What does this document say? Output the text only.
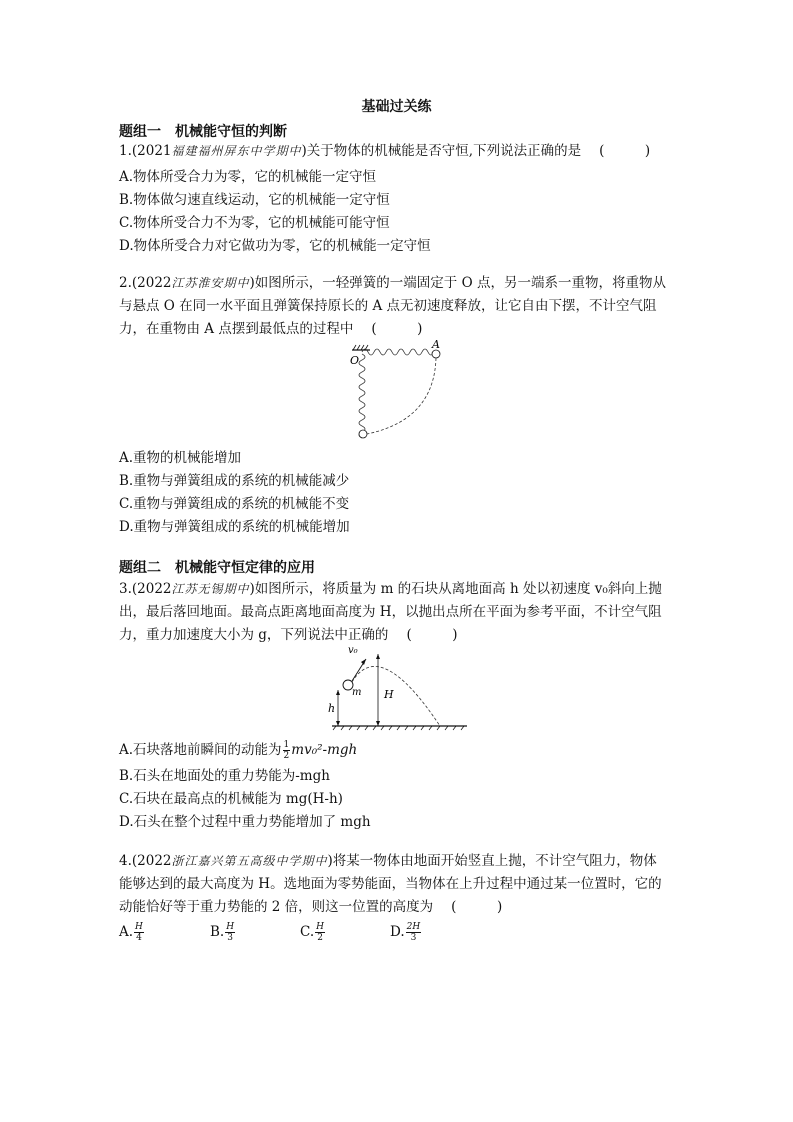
基础过关练
题组一　机械能守恒的判断
1.(2021福建福州屏东中学期中)关于物体的机械能是否守恒,下列说法正确的是 (　　　)
A.物体所受合力为零，它的机械能一定守恒
B.物体做匀速直线运动，它的机械能一定守恒
C.物体所受合力不为零，它的机械能可能守恒
D.物体所受合力对它做功为零，它的机械能一定守恒
2.(2022江苏淮安期中)如图所示，一轻弹簧的一端固定于 O 点，另一端系一重物，将重物从
与悬点 O 在同一水平面且弹簧保持原长的 A 点无初速度释放，让它自由下摆，不计空气阻
力，在重物由 A 点摆到最低点的过程中 (　　　)
O
A
A.重物的机械能增加
B.重物与弹簧组成的系统的机械能减少
C.重物与弹簧组成的系统的机械能不变
D.重物与弹簧组成的系统的机械能增加
题组二　机械能守恒定律的应用
3.(2022江苏无锡期中)如图所示，将质量为 m 的石块从离地面高 h 处以初速度 v₀斜向上抛
出，最后落回地面。最高点距离地面高度为 H，以抛出点所在平面为参考平面，不计空气阻
力，重力加速度大小为 g，下列说法中正确的 (　　　)
v₀
m H
h
A.石块落地前瞬间的动能为 $\frac{1}{2} mv_0^2-mgh$
B.石头在地面处的重力势能为-mgh
C.石块在最高点的机械能为 mg(H-h)
D.石头在整个过程中重力势能增加了 mgh
4.(2022浙江嘉兴第五高级中学期中)将某一物体由地面开始竖直上抛，不计空气阻力，物体
能够达到的最大高度为 H。选地面为零势能面，当物体在上升过程中通过某一位置时，它的
动能恰好等于重力势能的 2 倍，则这一位置的高度为 (　　　)
A. $\frac{H}{4}$	B. $\frac{H}{3}$	C. $\frac{H}{2}$	D. $\frac{2H}{3}$
